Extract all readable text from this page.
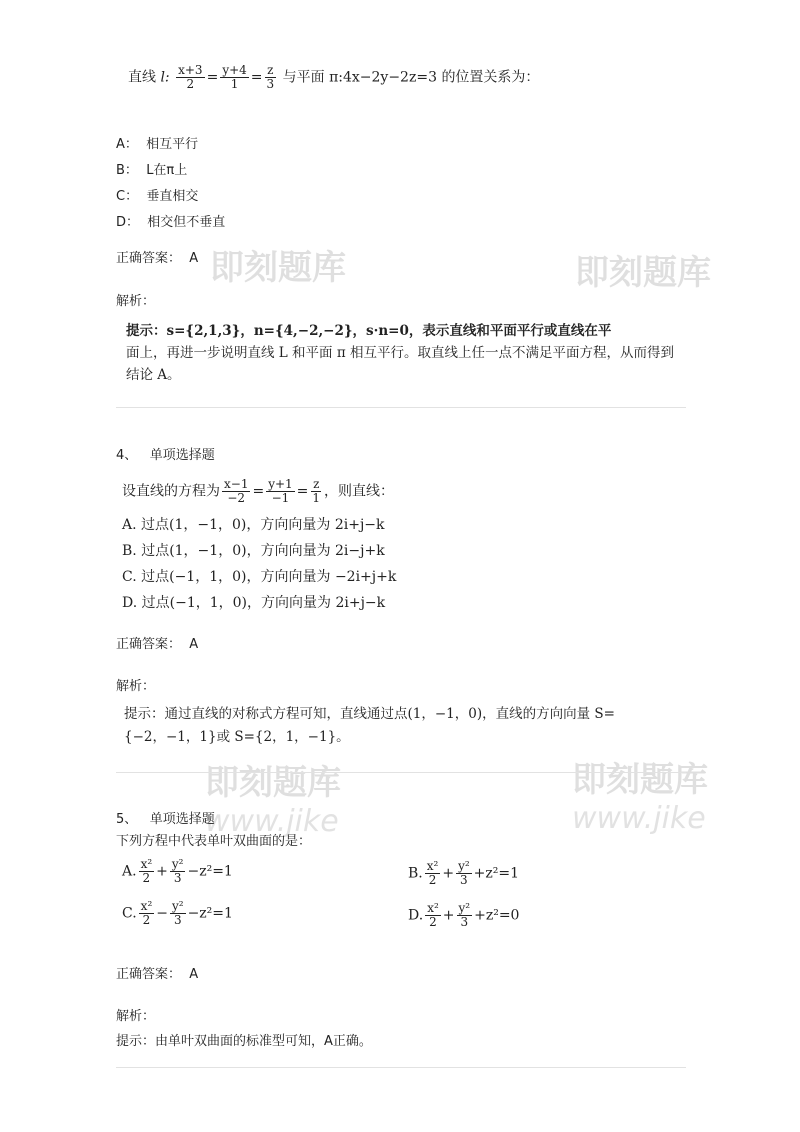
即刻题库	即刻题库
即刻题库
www.jike
即刻题库
www.jike
直线 l: $\frac{x+3}{2} = \frac{y+4}{1} = \frac{z}{3}$ 与平面 π:4x−2y−2z=3 的位置关系为：
A： 相互平行
B： L在π上
C： 垂直相交
D： 相交但不垂直
正确答案： A
解析：
提示：s={2,1,3}，n={4,−2,−2}，s·n=0，表示直线和平面平行或直线在平
面上，再进一步说明直线 L 和平面 π 相互平行。取直线上任一点不满足平面方程，从而得到
结论 A。
4、 单项选择题
设直线的方程为 $\frac{x-1}{-2} = \frac{y+1}{-1} = \frac{z}{1}$ ，则直线：
A. 过点(1，−1，0)，方向向量为 2i+j−k
B. 过点(1，−1，0)，方向向量为 2i−j+k
C. 过点(−1，1，0)，方向向量为 −2i+j+k
D. 过点(−1，1，0)，方向向量为 2i+j−k
正确答案： A
解析：
提示：通过直线的对称式方程可知，直线通过点(1，−1，0)，直线的方向向量 S=
{−2，−1，1}或 S={2，1，−1}。
5、 单项选择题
下列方程中代表单叶双曲面的是：
A. $\frac{\text{x²}}{2} + \frac{\text{y²}}{3} -z^2=1$	B. $\frac{\text{x²}}{2} + \frac{\text{y²}}{3} +z^2=1$
C. $\frac{\text{x²}}{2} - \frac{\text{y²}}{3} -z^2=1$	D. $\frac{\text{x²}}{2} + \frac{\text{y²}}{3} +z^2=0$
正确答案： A
解析：
提示：由单叶双曲面的标准型可知，A正确。
